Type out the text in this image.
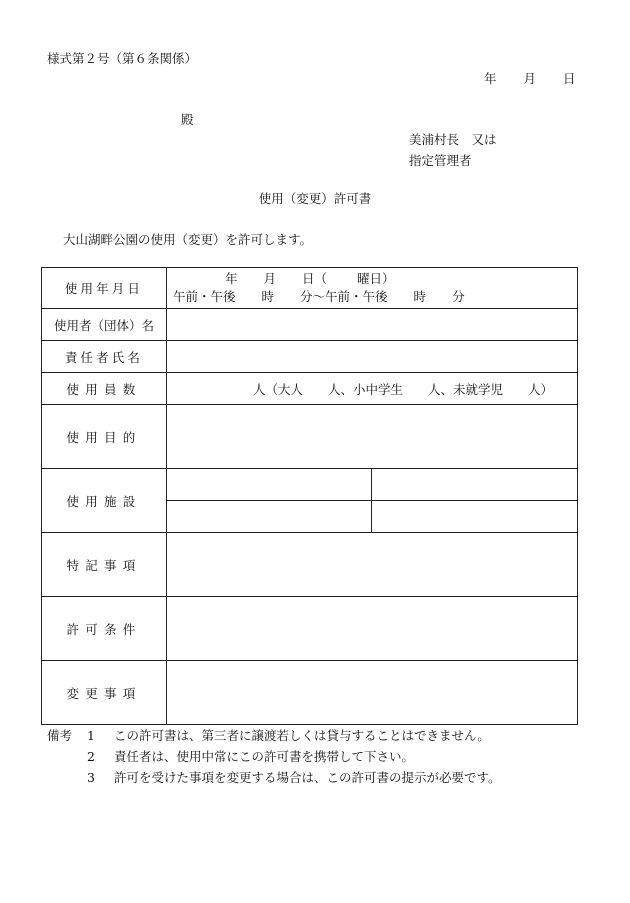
様式第２号（第６条関係）
年 月 日
殿
美浦村長　又は
指定管理者
使用（変更）許可書
大山湖畔公園の使用（変更）を許可します。
使用年月日	年 月 日（ 曜日）
午前・午後 時 分〜午前・午後 時 分	

使用者（団体）名		
責任者氏名		
使用員数	人（大人　　人、小中学生　　人、未就学児　　人）	
使用目的		
使用施設		

特記事項		
許可条件		
変更事項		
備考	1	この許可書は、第三者に譲渡若しくは貸与することはできません。
2	責任者は、使用中常にこの許可書を携帯して下さい。
3	許可を受けた事項を変更する場合は、この許可書の提示が必要です。
